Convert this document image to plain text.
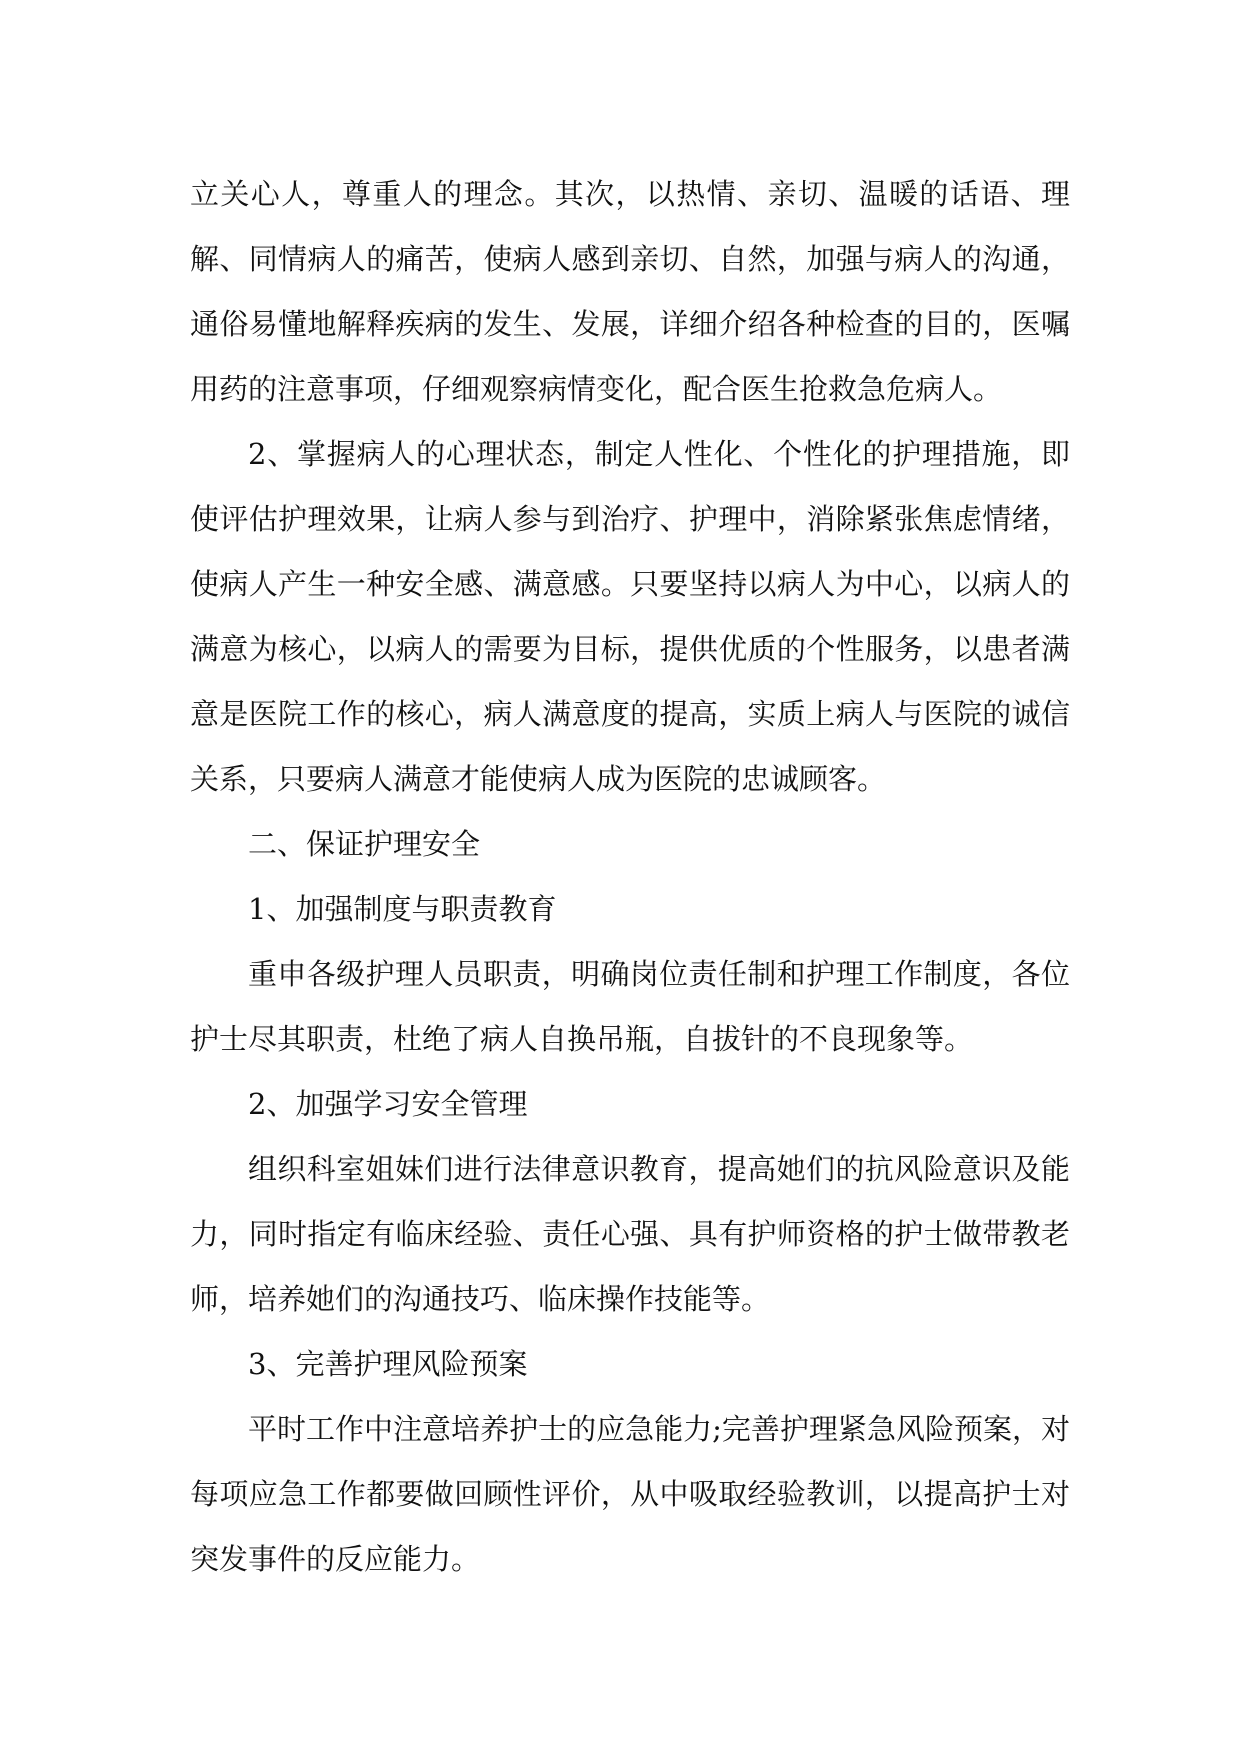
立关心人，尊重人的理念。其次，以热情、亲切、温暖的话语、理解、同情病人的痛苦，使病人感到亲切、自然，加强与病人的沟通，通俗易懂地解释疾病的发生、发展，详细介绍各种检查的目的，医嘱用药的注意事项，仔细观察病情变化，配合医生抢救急危病人。

2、掌握病人的心理状态，制定人性化、个性化的护理措施，即使评估护理效果，让病人参与到治疗、护理中，消除紧张焦虑情绪，使病人产生一种安全感、满意感。只要坚持以病人为中心，以病人的满意为核心，以病人的需要为目标，提供优质的个性服务，以患者满意是医院工作的核心，病人满意度的提高，实质上病人与医院的诚信关系，只要病人满意才能使病人成为医院的忠诚顾客。

二、保证护理安全

1、加强制度与职责教育

重申各级护理人员职责，明确岗位责任制和护理工作制度，各位护士尽其职责，杜绝了病人自换吊瓶，自拔针的不良现象等。

2、加强学习安全管理

组织科室姐妹们进行法律意识教育，提高她们的抗风险意识及能力，同时指定有临床经验、责任心强、具有护师资格的护士做带教老师，培养她们的沟通技巧、临床操作技能等。

3、完善护理风险预案

平时工作中注意培养护士的应急能力;完善护理紧急风险预案，对每项应急工作都要做回顾性评价，从中吸取经验教训，以提高护士对突发事件的反应能力。
